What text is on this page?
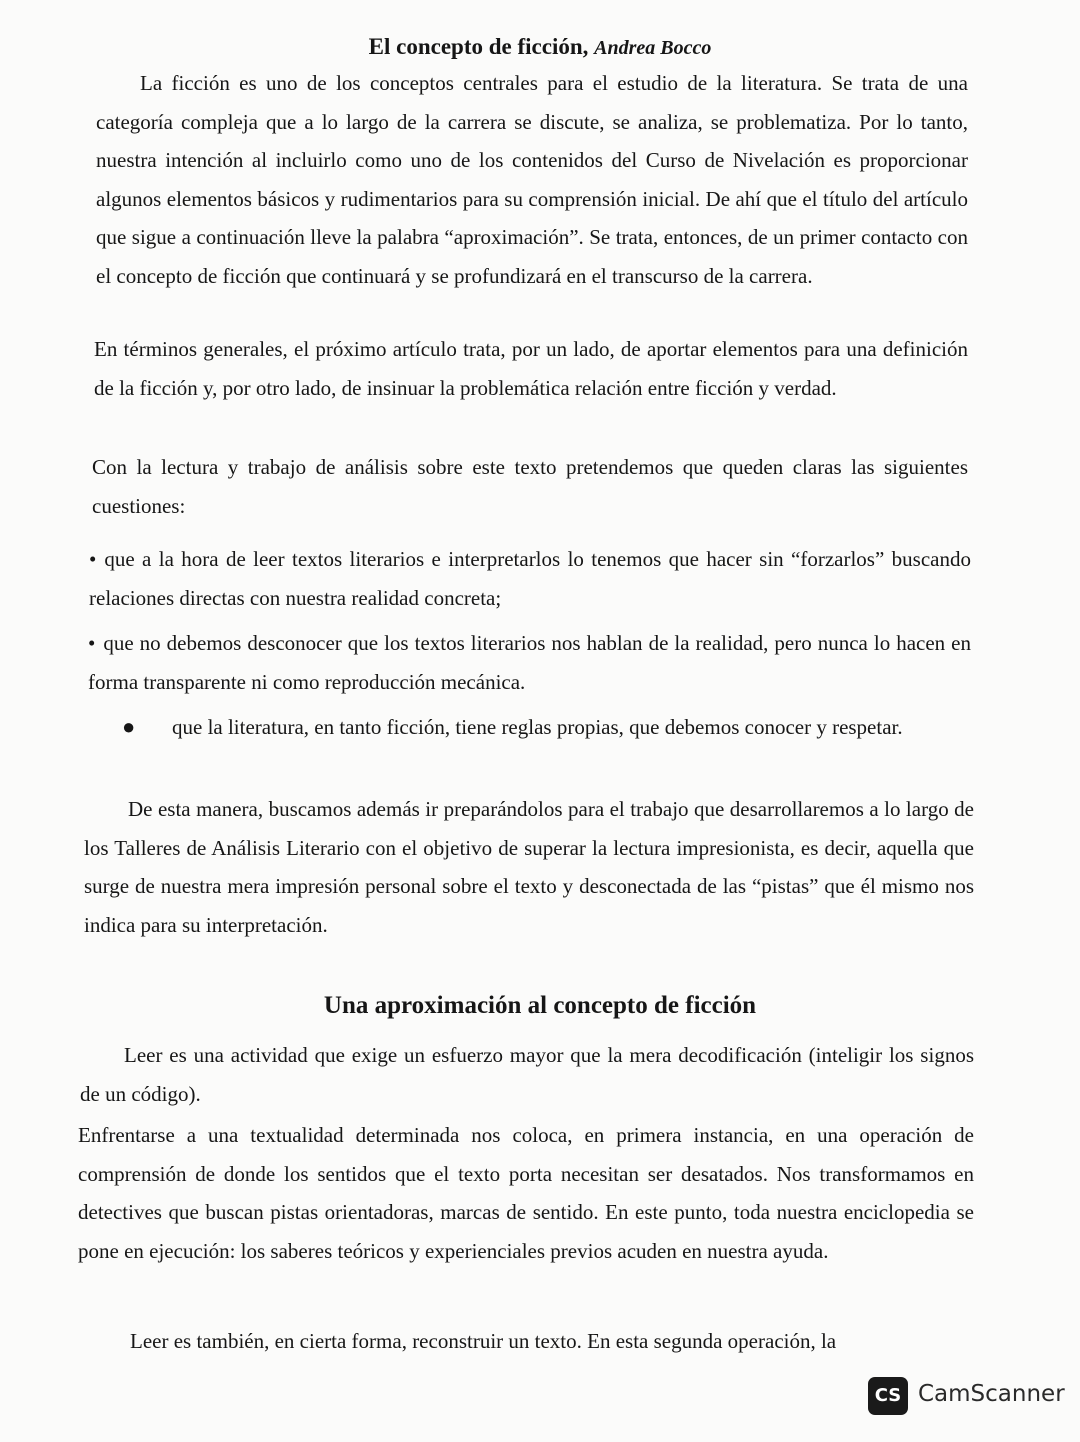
El concepto de ficción, Andrea Bocco
La ficción es uno de los conceptos centrales para el estudio de la literatura. Se trata de una categoría compleja que a lo largo de la carrera se discute, se analiza, se problematiza. Por lo tanto, nuestra intención al incluirlo como uno de los contenidos del Curso de Nivelación es proporcionar algunos elementos básicos y rudimentarios para su comprensión inicial. De ahí que el título del artículo que sigue a continuación lleve la palabra “aproximación”. Se trata, entonces, de un primer contacto con el concepto de ficción que continuará y se profundizará en el transcurso de la carrera.
En términos generales, el próximo artículo trata, por un lado, de aportar elementos para una definición de la ficción y, por otro lado, de insinuar la problemática relación entre ficción y verdad.
Con la lectura y trabajo de análisis sobre este texto pretendemos que queden claras las siguientes cuestiones:
• que a la hora de leer textos literarios e interpretarlos lo tenemos que hacer sin “forzarlos” buscando relaciones directas con nuestra realidad concreta;
• que no debemos desconocer que los textos literarios nos hablan de la realidad, pero nunca lo hacen en forma transparente ni como reproducción mecánica.
●	que la literatura, en tanto ficción, tiene reglas propias, que debemos conocer y respetar.
De esta manera, buscamos además ir preparándolos para el trabajo que desarrollaremos a lo largo de los Talleres de Análisis Literario con el objetivo de superar la lectura impresionista, es decir, aquella que surge de nuestra mera impresión personal sobre el texto y desconectada de las “pistas” que él mismo nos indica para su interpretación.
Una aproximación al concepto de ficción
Leer es una actividad que exige un esfuerzo mayor que la mera decodificación (inteligir los signos de un código).
Enfrentarse a una textualidad determinada nos coloca, en primera instancia, en una operación de comprensión de donde los sentidos que el texto porta necesitan ser desatados. Nos transformamos en detectives que buscan pistas orientadoras, marcas de sentido. En este punto, toda nuestra enciclopedia se pone en ejecución: los saberes teóricos y experienciales previos acuden en nuestra ayuda.
Leer es también, en cierta forma, reconstruir un texto. En esta segunda operación, la
CS CamScanner
